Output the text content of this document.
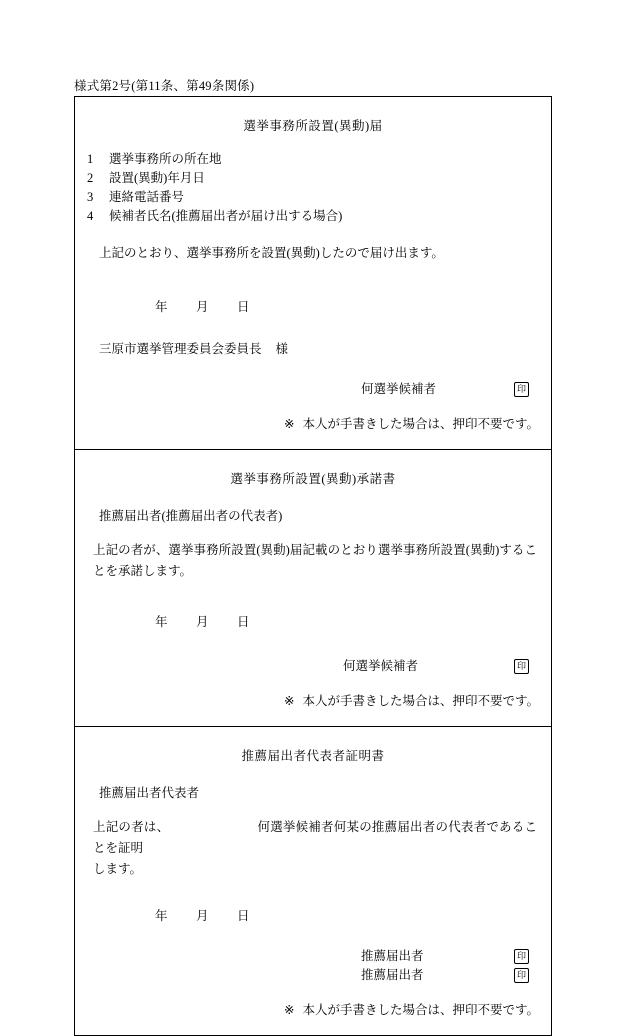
様式第2号(第11条、第49条関係)
選挙事務所設置(異動)届
1 選挙事務所の所在地
2 設置(異動)年月日
3 連絡電話番号
4 候補者氏名(推薦届出者が届け出する場合)
上記のとおり、選挙事務所を設置(異動)したので届け出ます。
年 月 日
三原市選挙管理委員会委員長 様
何選挙候補者	印
※ 本人が手書きした場合は、押印不要です。
選挙事務所設置(異動)承諾書
推薦届出者(推薦届出者の代表者)
上記の者が、選挙事務所設置(異動)届記載のとおり選挙事務所設置(異動)することを承諾します。
年 月 日
何選挙候補者	印
※ 本人が手書きした場合は、押印不要です。
推薦届出者代表者証明書
推薦届出者代表者
上記の者は、	何選挙候補者何某の推薦届出者の代表者であることを証明
します。
年 月 日
推薦届出者	印
推薦届出者	印
※ 本人が手書きした場合は、押印不要です。
